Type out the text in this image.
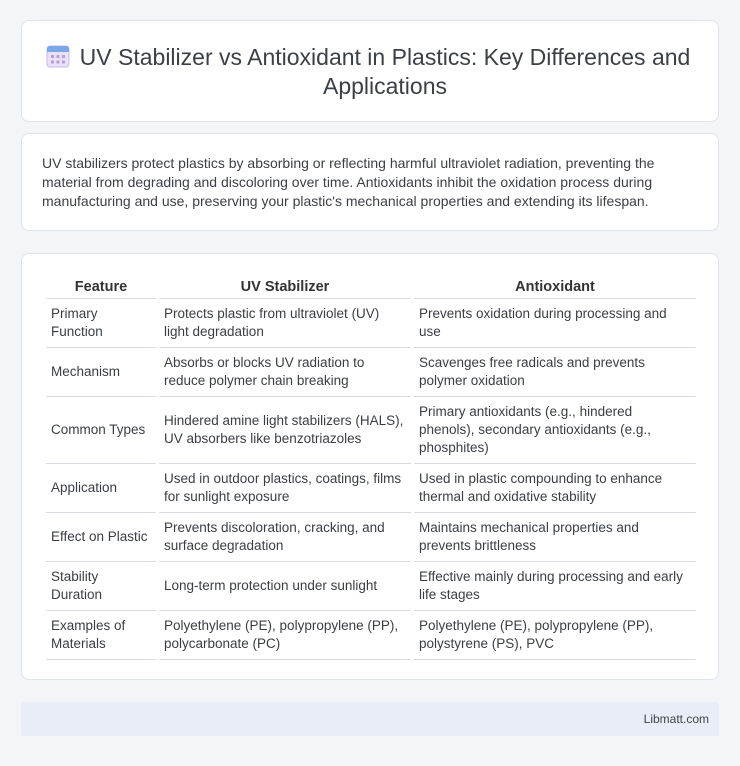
UV Stabilizer vs Antioxidant in Plastics: Key Differences and Applications

UV stabilizers protect plastics by absorbing or reflecting harmful ultraviolet radiation, preventing the material from degrading and discoloring over time. Antioxidants inhibit the oxidation process during manufacturing and use, preserving your plastic's mechanical properties and extending its lifespan.

Feature	UV Stabilizer	Antioxidant
Primary Function	Protects plastic from ultraviolet (UV) light degradation	Prevents oxidation during processing and use
Mechanism	Absorbs or blocks UV radiation to reduce polymer chain breaking	Scavenges free radicals and prevents polymer oxidation
Common Types	Hindered amine light stabilizers (HALS), UV absorbers like benzotriazoles	Primary antioxidants (e.g., hindered phenols), secondary antioxidants (e.g., phosphites)
Application	Used in outdoor plastics, coatings, films for sunlight exposure	Used in plastic compounding to enhance thermal and oxidative stability
Effect on Plastic	Prevents discoloration, cracking, and surface degradation	Maintains mechanical properties and prevents brittleness
Stability Duration	Long-term protection under sunlight	Effective mainly during processing and early life stages
Examples of Materials	Polyethylene (PE), polypropylene (PP), polycarbonate (PC)	Polyethylene (PE), polypropylene (PP), polystyrene (PS), PVC
Libmatt.com
